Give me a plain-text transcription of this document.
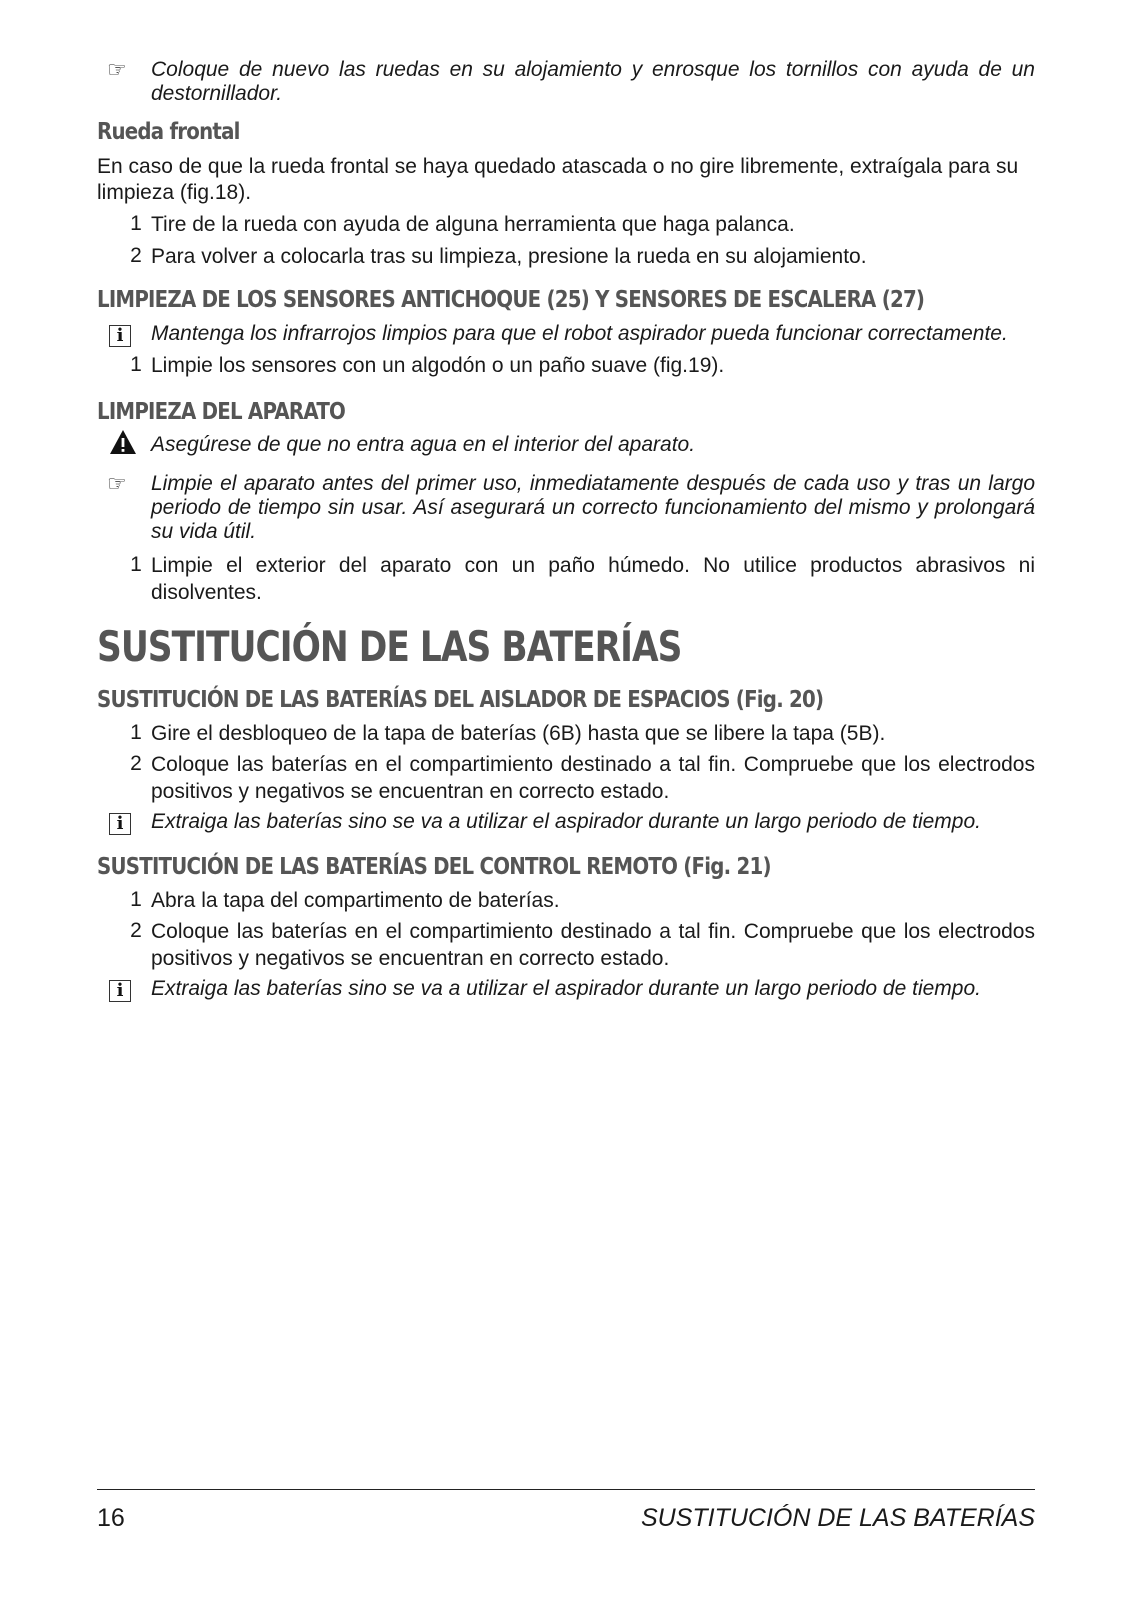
☞	Coloque de nuevo las ruedas en su alojamiento y enrosque los tornillos con ayuda de un destornillador.
Rueda frontal

En caso de que la rueda frontal se haya quedado atascada o no gire libremente, extraígala para su limpieza (fig.18).

1 Tire de la rueda con ayuda de alguna herramienta que haga palanca.
2 Para volver a colocarla tras su limpieza, presione la rueda en su alojamiento.
LIMPIEZA DE LOS SENSORES ANTICHOQUE (25) Y SENSORES DE ESCALERA (27)
i	Mantenga los infrarrojos limpios para que el robot aspirador pueda funcionar correctamente.
1 Limpie los sensores con un algodón o un paño suave (fig.19).
LIMPIEZA DEL APARATO
Asegúrese de que no entra agua en el interior del aparato.
☞	Limpie el aparato antes del primer uso, inmediatamente después de cada uso y tras un largo periodo de tiempo sin usar. Así asegurará un correcto funcionamiento del mismo y prolongará su vida útil.
1 Limpie el exterior del aparato con un paño húmedo. No utilice productos abrasivos ni disolventes.
SUSTITUCIÓN DE LAS BATERÍAS
SUSTITUCIÓN DE LAS BATERÍAS DEL AISLADOR DE ESPACIOS (Fig. 20)
1 Gire el desbloqueo de la tapa de baterías (6B) hasta que se libere la tapa (5B).
2 Coloque las baterías en el compartimiento destinado a tal fin. Compruebe que los electrodos positivos y negativos se encuentran en correcto estado.
i	Extraiga las baterías sino se va a utilizar el aspirador durante un largo periodo de tiempo.
SUSTITUCIÓN DE LAS BATERÍAS DEL CONTROL REMOTO (Fig. 21)
1 Abra la tapa del compartimento de baterías.
2 Coloque las baterías en el compartimiento destinado a tal fin. Compruebe que los electrodos positivos y negativos se encuentran en correcto estado.
i	Extraiga las baterías sino se va a utilizar el aspirador durante un largo periodo de tiempo.
16	SUSTITUCIÓN DE LAS BATERÍAS
